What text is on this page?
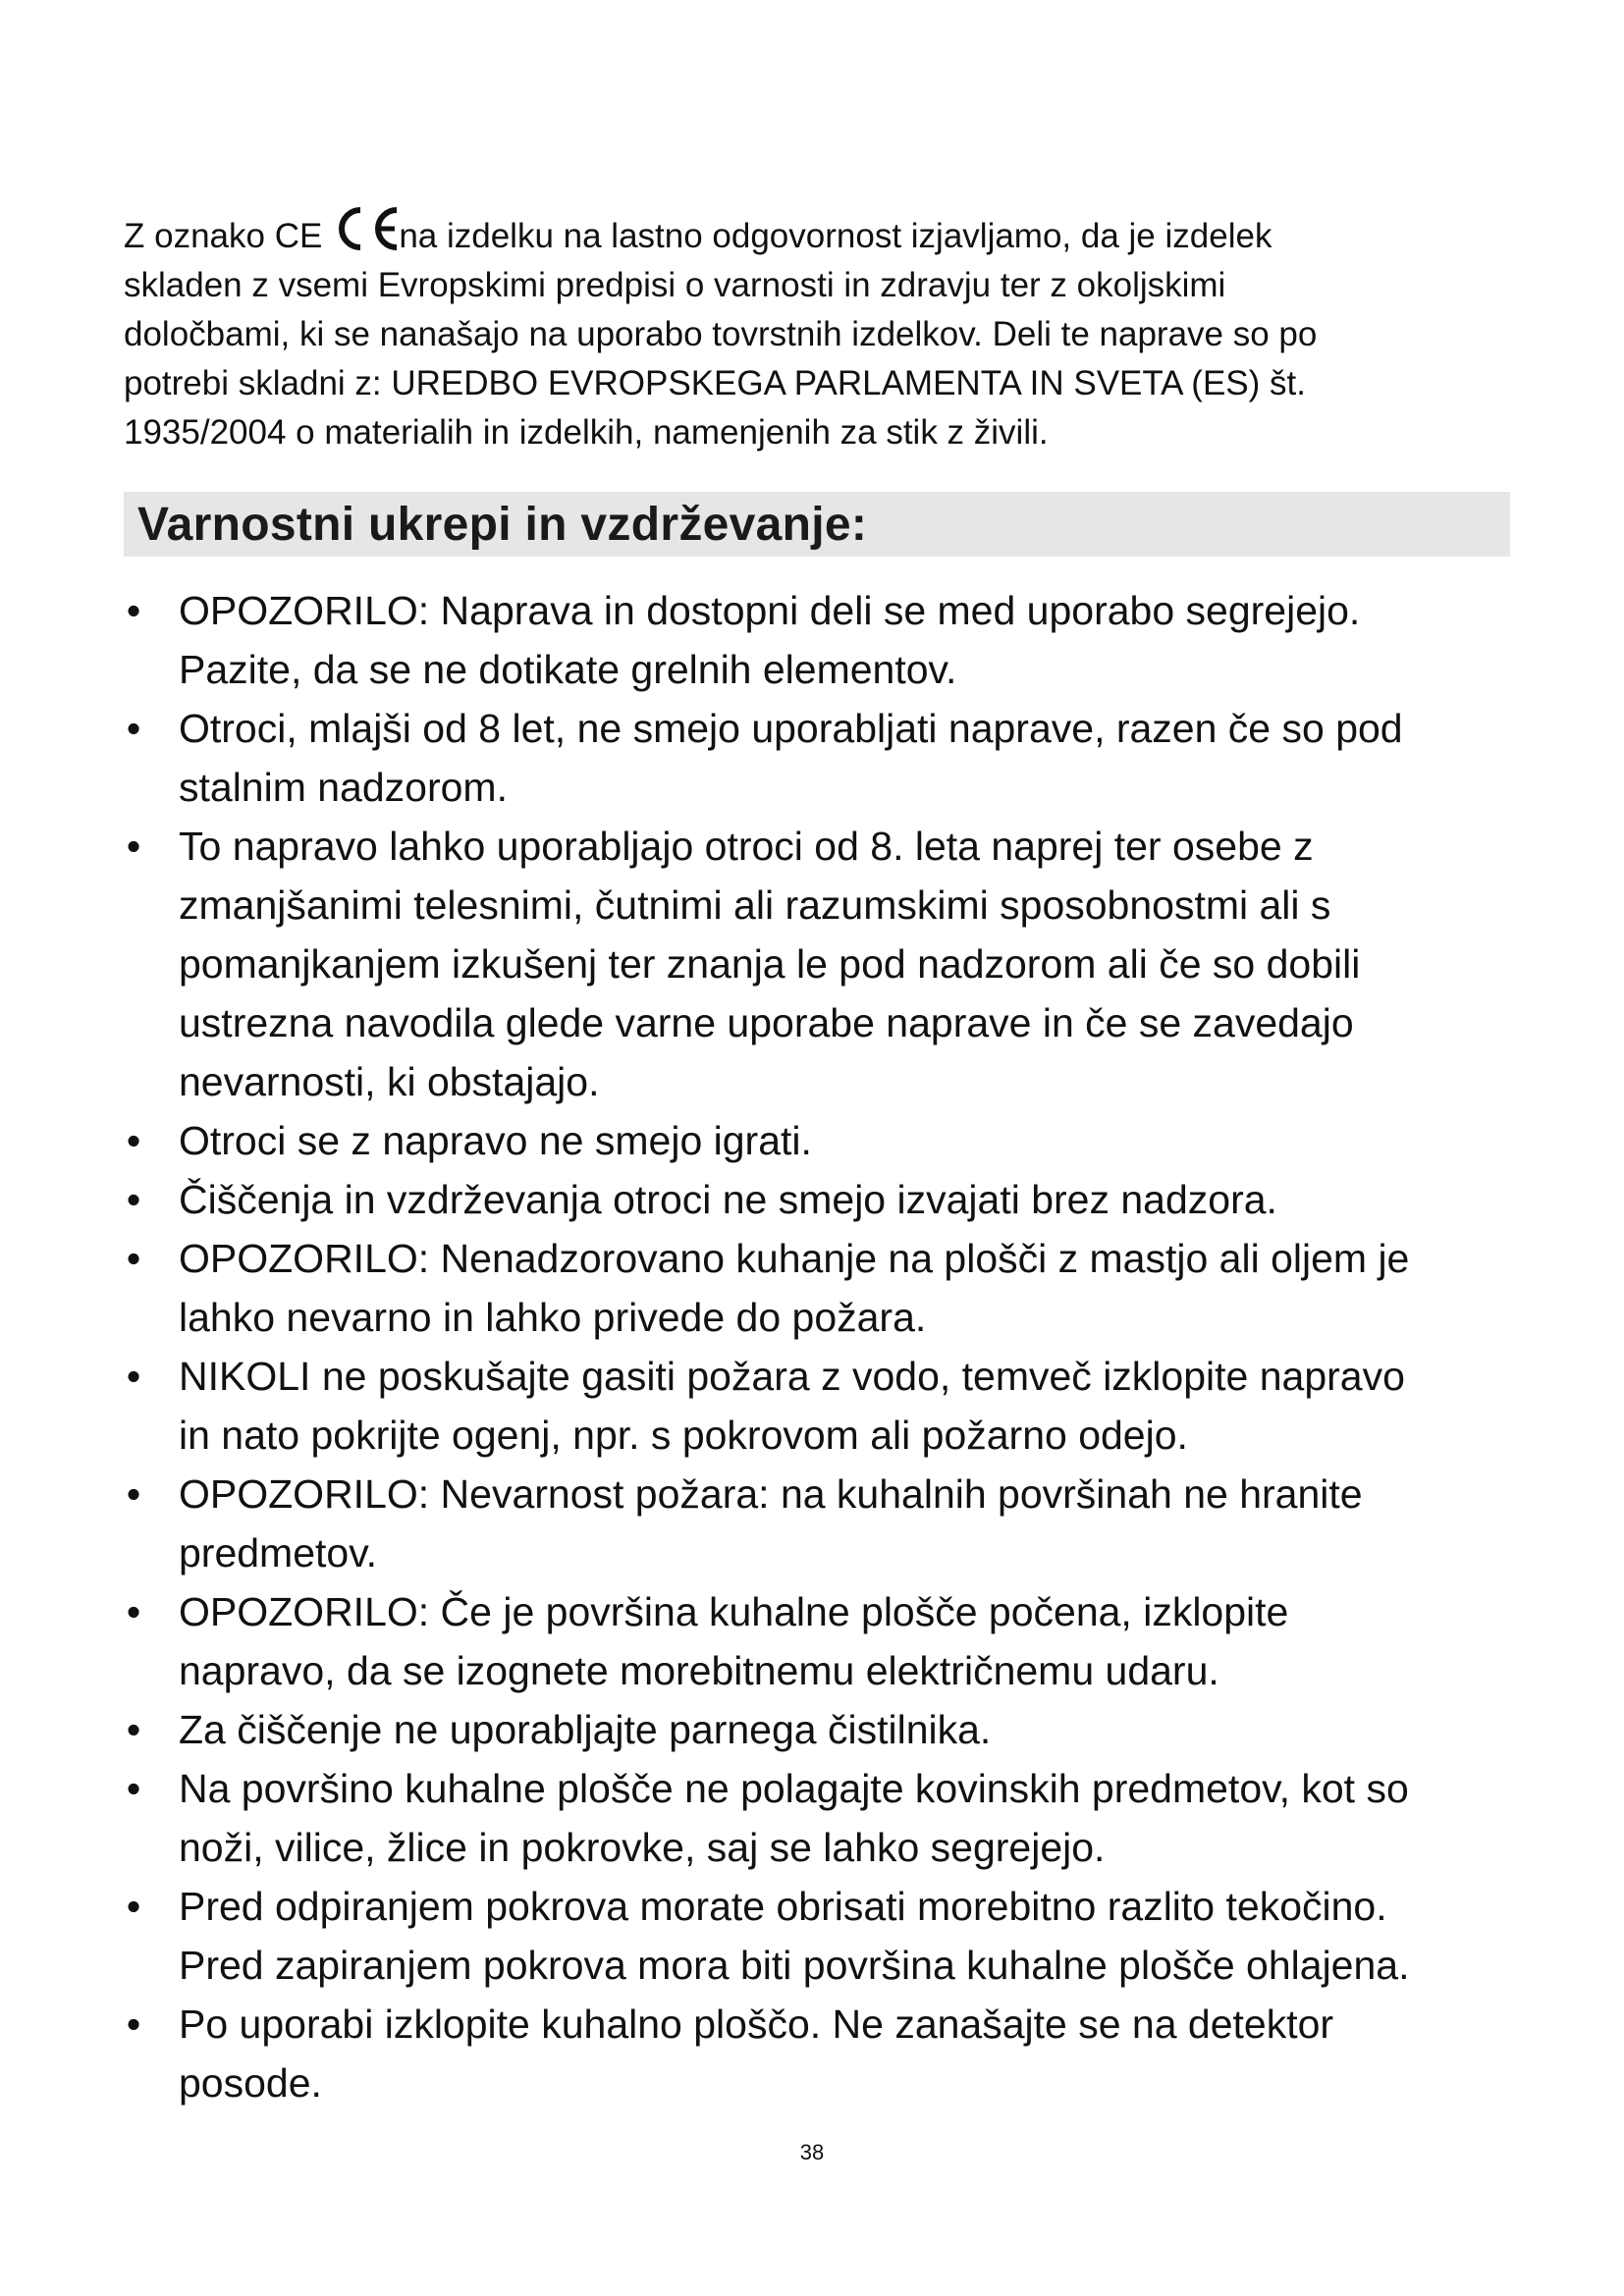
Z oznako CE
CE
na izdelku na lastno odgovornost izjavljamo, da je izdelek

skladen z vsemi Evropskimi predpisi o varnosti in zdravju ter z okoljskimi

določbami, ki se nanašajo na uporabo tovrstnih izdelkov. Deli te naprave so po

potrebi skladni z: UREDBO EVROPSKEGA PARLAMENTA IN SVETA (ES) št.

1935/2004 o materialih in izdelkih, namenjenih za stik z živili.

Varnostni ukrepi in vzdrževanje:
• OPOZORILO: Naprava in dostopni deli se med uporabo segrejejo.
Pazite, da se ne dotikate grelnih elementov.
• Otroci, mlajši od 8 let, ne smejo uporabljati naprave, razen če so pod
stalnim nadzorom.
• To napravo lahko uporabljajo otroci od 8. leta naprej ter osebe z
zmanjšanimi telesnimi, čutnimi ali razumskimi sposobnostmi ali s
pomanjkanjem izkušenj ter znanja le pod nadzorom ali če so dobili
ustrezna navodila glede varne uporabe naprave in če se zavedajo
nevarnosti, ki obstajajo.
• Otroci se z napravo ne smejo igrati.
• Čiščenja in vzdrževanja otroci ne smejo izvajati brez nadzora.
• OPOZORILO: Nenadzorovano kuhanje na plošči z mastjo ali oljem je
lahko nevarno in lahko privede do požara.
• NIKOLI ne poskušajte gasiti požara z vodo, temveč izklopite napravo
in nato pokrijte ogenj, npr. s pokrovom ali požarno odejo.
• OPOZORILO: Nevarnost požara: na kuhalnih površinah ne hranite
predmetov.
• OPOZORILO: Če je površina kuhalne plošče počena, izklopite
napravo, da se izognete morebitnemu električnemu udaru.
• Za čiščenje ne uporabljajte parnega čistilnika.
• Na površino kuhalne plošče ne polagajte kovinskih predmetov, kot so
noži, vilice, žlice in pokrovke, saj se lahko segrejejo.
• Pred odpiranjem pokrova morate obrisati morebitno razlito tekočino.
Pred zapiranjem pokrova mora biti površina kuhalne plošče ohlajena.
• Po uporabi izklopite kuhalno ploščo. Ne zanašajte se na detektor
posode.
38
